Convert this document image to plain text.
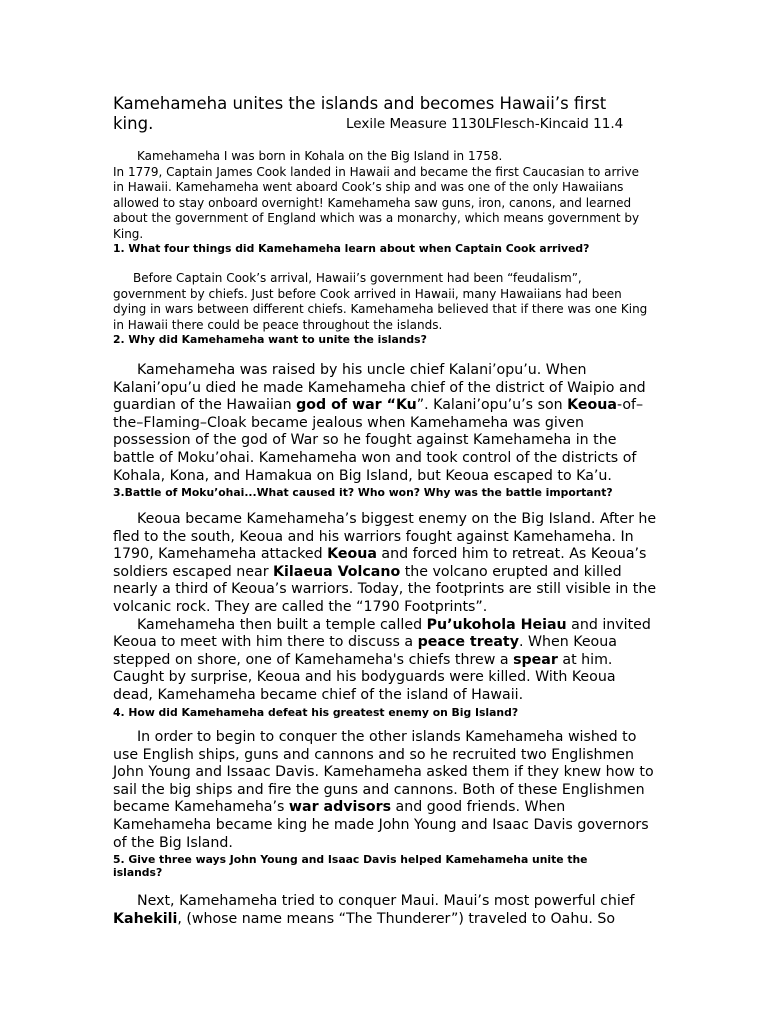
Kamehameha unites the islands and becomes Hawaii’s first
king.	Lexile Measure 1130L Flesch-Kincaid 11.4

Kamehameha I was born in Kohala on the Big Island in 1758.

In 1779, Captain James Cook landed in Hawaii and became the first Caucasian to arrive in Hawaii. Kamehameha went aboard Cook’s ship and was one of the only Hawaiians allowed to stay onboard overnight! Kamehameha saw guns, iron, canons, and learned about the government of England which was a monarchy, which means government by King.

1. What four things did Kamehameha learn about when Captain Cook arrived?

Before Captain Cook’s arrival, Hawaii’s government had been “feudalism”, government by chiefs. Just before Cook arrived in Hawaii, many Hawaiians had been dying in wars between different chiefs. Kamehameha believed that if there was one King in Hawaii there could be peace throughout the islands.

2. Why did Kamehameha want to unite the islands?

Kamehameha was raised by his uncle chief Kalani’opu’u. When Kalani’opu’u died he made Kamehameha chief of the district of Waipio and guardian of the Hawaiian god of war “Ku”. Kalani’opu’u’s son Keoua-of–the–Flaming–Cloak became jealous when Kamehameha was given possession of the god of War so he fought against Kamehameha in the battle of Moku’ohai. Kamehameha won and took control of the districts of Kohala, Kona, and Hamakua on Big Island, but Keoua escaped to Ka’u.

3.Battle of Moku’ohai...What caused it? Who won? Why was the battle important?

Keoua became Kamehameha’s biggest enemy on the Big Island. After he fled to the south, Keoua and his warriors fought against Kamehameha. In 1790, Kamehameha attacked Keoua and forced him to retreat. As Keoua’s soldiers escaped near Kilaeua Volcano the volcano erupted and killed nearly a third of Keoua’s warriors. Today, the footprints are still visible in the volcanic rock. They are called the “1790 Footprints”.

Kamehameha then built a temple called Pu’ukohola Heiau and invited Keoua to meet with him there to discuss a peace treaty. When Keoua stepped on shore, one of Kamehameha's chiefs threw a spear at him. Caught by surprise, Keoua and his bodyguards were killed. With Keoua dead, Kamehameha became chief of the island of Hawaii.

4. How did Kamehameha defeat his greatest enemy on Big Island?

In order to begin to conquer the other islands Kamehameha wished to use English ships, guns and cannons and so he recruited two Englishmen John Young and Issaac Davis. Kamehameha asked them if they knew how to sail the big ships and fire the guns and cannons. Both of these Englishmen became Kamehameha’s war advisors and good friends. When Kamehameha became king he made John Young and Isaac Davis governors of the Big Island.

5. Give three ways John Young and Isaac Davis helped Kamehameha unite the islands?

Next, Kamehameha tried to conquer Maui. Maui’s most powerful chief Kahekili, (whose name means “The Thunderer”) traveled to Oahu. So
